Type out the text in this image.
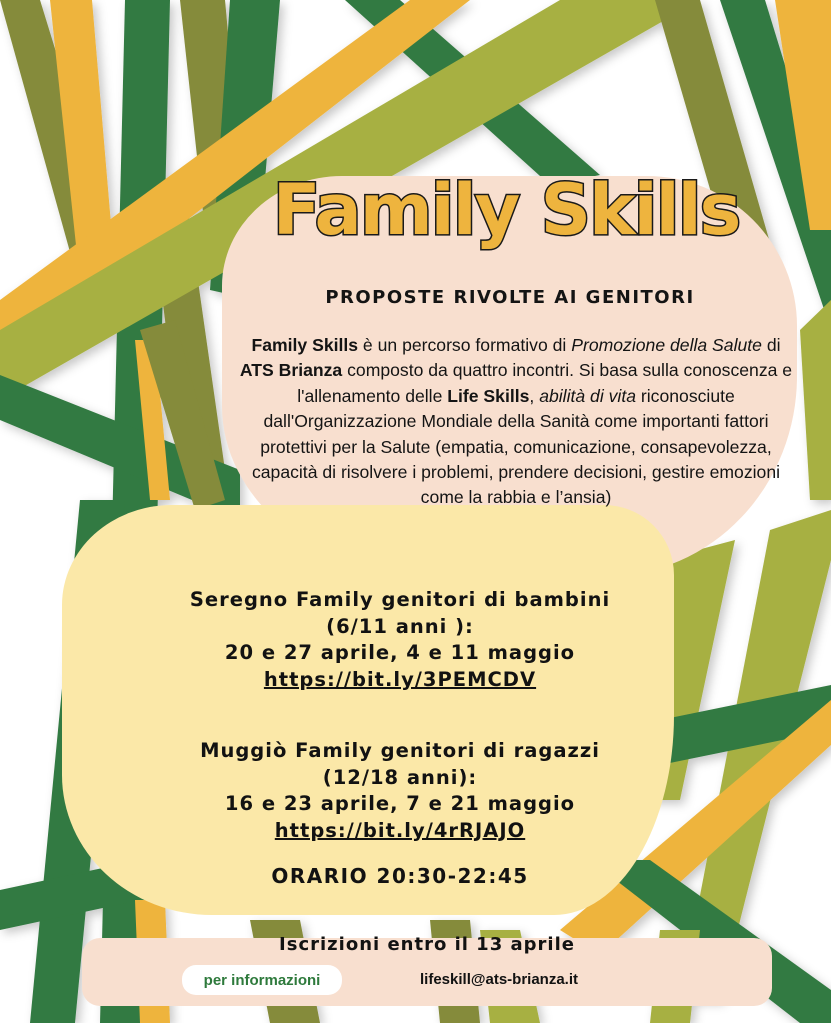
Family Skills
PROPOSTE RIVOLTE AI GENITORI
Family Skills è un percorso formativo di Promozione della Salute di ATS Brianza composto da quattro incontri. Si basa sulla conoscenza e l'allenamento delle Life Skills, abilità di vita riconosciute dall'Organizzazione Mondiale della Sanità come importanti fattori protettivi per la Salute (empatia, comunicazione, consapevolezza, capacità di risolvere i problemi, prendere decisioni, gestire emozioni come la rabbia e l’ansia)
Seregno Family genitori di bambini
(6/11 anni ):
20 e 27 aprile, 4 e 11 maggio
https://bit.ly/3PEMCDV
Muggiò Family genitori di ragazzi
(12/18 anni):
16 e 23 aprile, 7 e 21 maggio
https://bit.ly/4rRJAJO
ORARIO 20:30-22:45
Iscrizioni entro il 13 aprile
per informazioni	lifeskill@ats-brianza.it
